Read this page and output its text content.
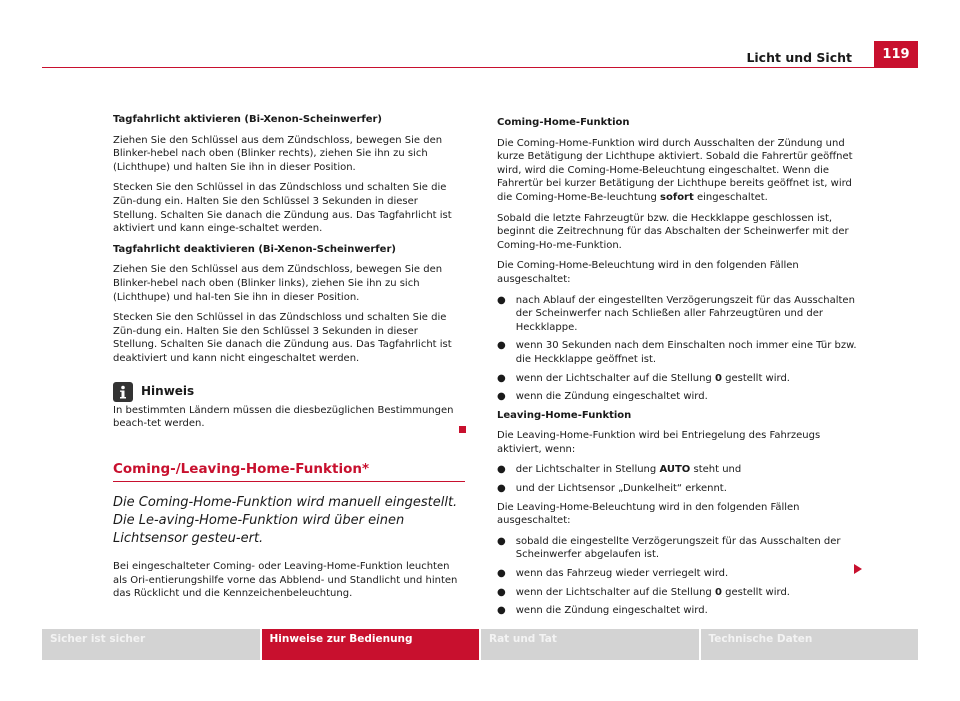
Licht und Sicht	119

Tagfahrlicht aktivieren (Bi-Xenon-Scheinwerfer)

Ziehen Sie den Schlüssel aus dem Zündschloss, bewegen Sie den Blinker-hebel nach oben (Blinker rechts), ziehen Sie ihn zu sich (Lichthupe) und halten Sie ihn in dieser Position.

Stecken Sie den Schlüssel in das Zündschloss und schalten Sie die Zün-dung ein. Halten Sie den Schlüssel 3 Sekunden in dieser Stellung. Schalten Sie danach die Zündung aus. Das Tagfahrlicht ist aktiviert und kann einge-schaltet werden.

Tagfahrlicht deaktivieren (Bi-Xenon-Scheinwerfer)

Ziehen Sie den Schlüssel aus dem Zündschloss, bewegen Sie den Blinker-hebel nach oben (Blinker links), ziehen Sie ihn zu sich (Lichthupe) und hal-ten Sie ihn in dieser Position.

Stecken Sie den Schlüssel in das Zündschloss und schalten Sie die Zün-dung ein. Halten Sie den Schlüssel 3 Sekunden in dieser Stellung. Schalten Sie danach die Zündung aus. Das Tagfahrlicht ist deaktiviert und kann nicht eingeschaltet werden.

Hinweis

In bestimmten Ländern müssen die diesbezüglichen Bestimmungen beach-tet werden.

Coming-/Leaving-Home-Funktion*
Die Coming-Home-Funktion wird manuell eingestellt. Die Le-aving-Home-Funktion wird über einen Lichtsensor gesteu-ert.

Bei eingeschalteter Coming- oder Leaving-Home-Funktion leuchten als Ori-entierungshilfe vorne das Abblend- und Standlicht und hinten das Rücklicht und die Kennzeichenbeleuchtung.

Coming-Home-Funktion

Die Coming-Home-Funktion wird durch Ausschalten der Zündung und kurze Betätigung der Lichthupe aktiviert. Sobald die Fahrertür geöffnet wird, wird die Coming-Home-Beleuchtung eingeschaltet. Wenn die Fahrertür bei kurzer Betätigung der Lichthupe bereits geöffnet ist, wird die Coming-Home-Be-leuchtung sofort eingeschaltet.

Sobald die letzte Fahrzeugtür bzw. die Heckklappe geschlossen ist, beginnt die Zeitrechnung für das Abschalten der Scheinwerfer mit der Coming-Ho-me-Funktion.

Die Coming-Home-Beleuchtung wird in den folgenden Fällen ausgeschaltet:

● nach Ablauf der eingestellten Verzögerungszeit für das Ausschalten der Scheinwerfer nach Schließen aller Fahrzeugtüren und der Heckklappe.
● wenn 30 Sekunden nach dem Einschalten noch immer eine Tür bzw. die Heckklappe geöffnet ist.
● wenn der Lichtschalter auf die Stellung 0 gestellt wird.
● wenn die Zündung eingeschaltet wird.

Leaving-Home-Funktion

Die Leaving-Home-Funktion wird bei Entriegelung des Fahrzeugs aktiviert, wenn:

● der Lichtschalter in Stellung AUTO steht und
● und der Lichtsensor „Dunkelheit“ erkennt.

Die Leaving-Home-Beleuchtung wird in den folgenden Fällen ausgeschaltet:

● sobald die eingestellte Verzögerungszeit für das Ausschalten der Scheinwerfer abgelaufen ist.
● wenn das Fahrzeug wieder verriegelt wird.
● wenn der Lichtschalter auf die Stellung 0 gestellt wird.
● wenn die Zündung eingeschaltet wird.
Sicher ist sicher	Hinweise zur Bedienung	Rat und Tat	Technische Daten
